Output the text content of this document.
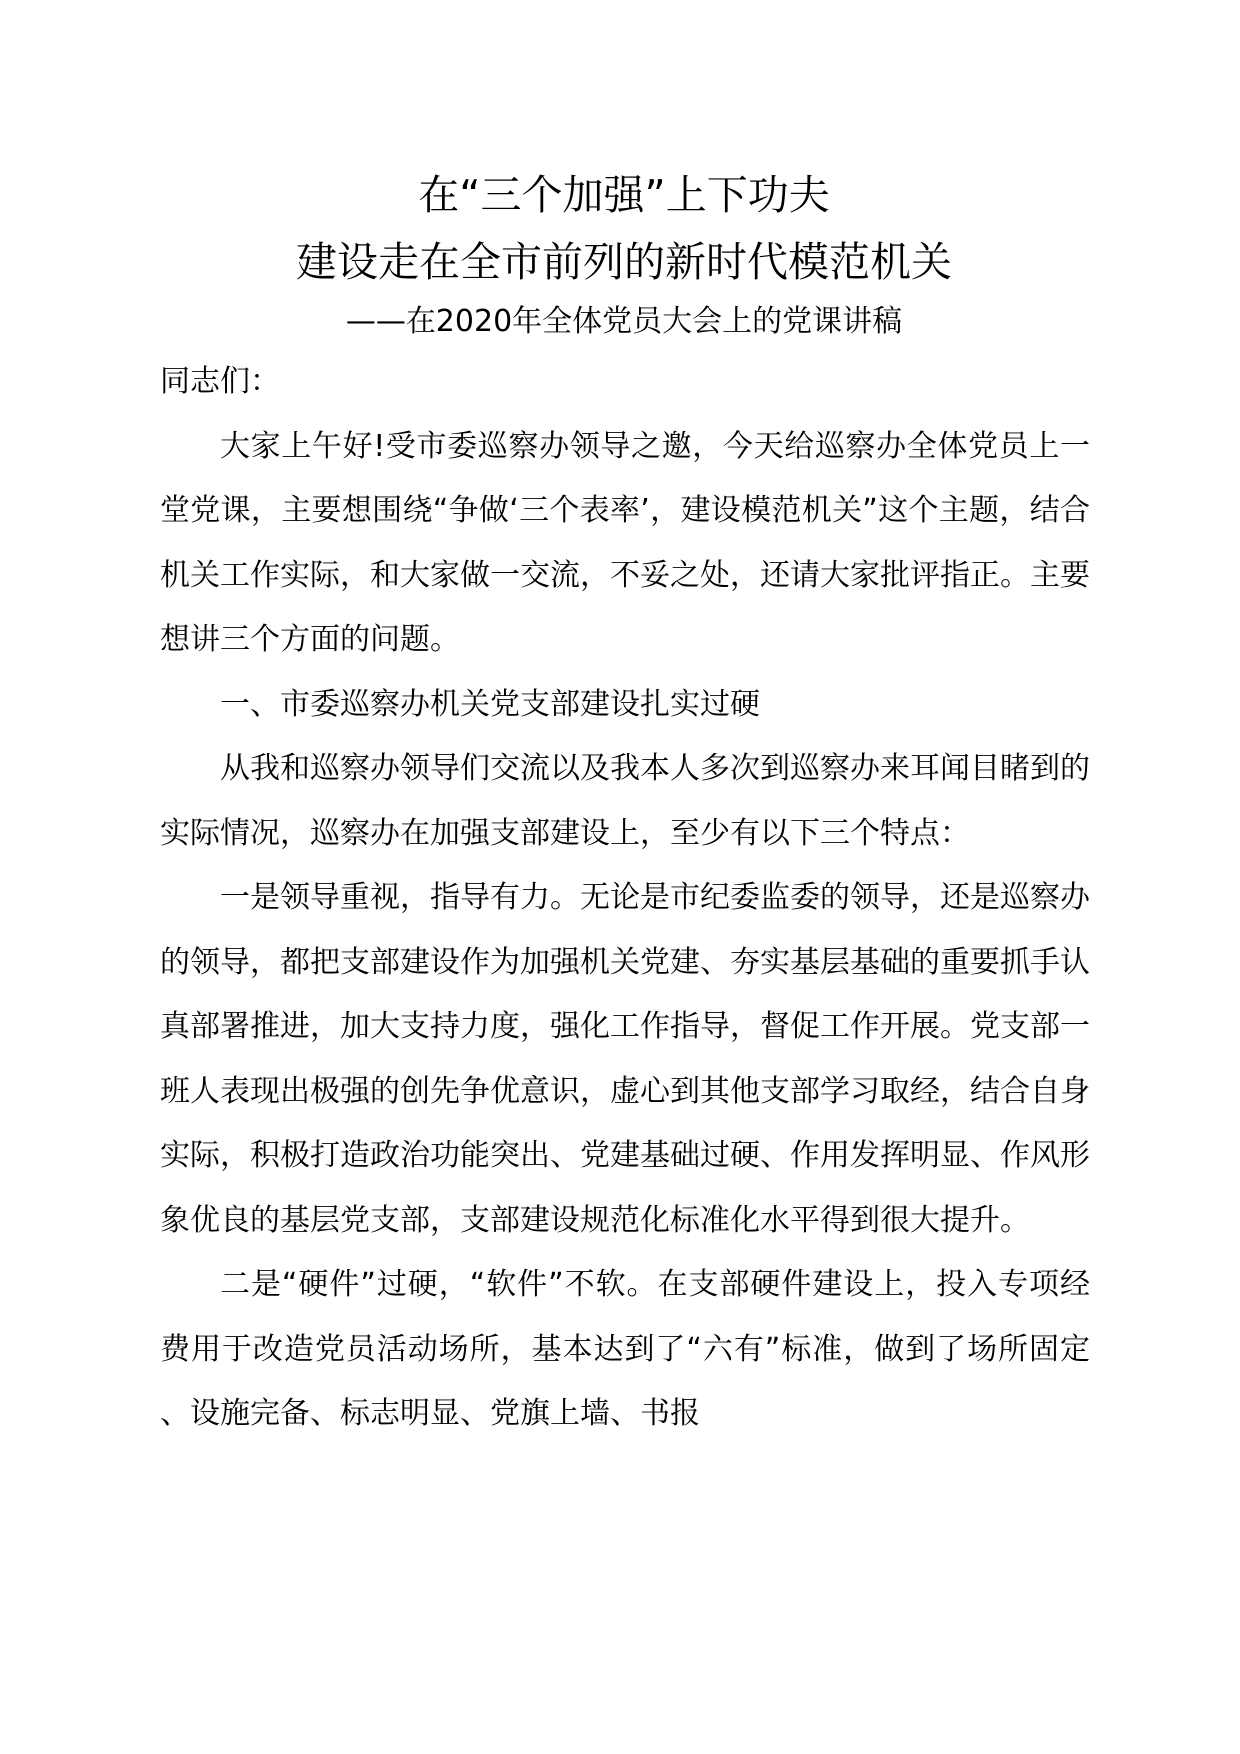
在“三个加强”上下功夫
建设走在全市前列的新时代模范机关
——在2020年全体党员大会上的党课讲稿

同志们：

大家上午好!受市委巡察办领导之邀，今天给巡察办全体党员上一堂党课，主要想围绕“争做‘三个表率’，建设模范机关”这个主题，结合机关工作实际，和大家做一交流，不妥之处，还请大家批评指正。主要想讲三个方面的问题。

一、市委巡察办机关党支部建设扎实过硬

从我和巡察办领导们交流以及我本人多次到巡察办来耳闻目睹到的实际情况，巡察办在加强支部建设上，至少有以下三个特点：

一是领导重视，指导有力。无论是市纪委监委的领导，还是巡察办的领导，都把支部建设作为加强机关党建、夯实基层基础的重要抓手认真部署推进，加大支持力度，强化工作指导，督促工作开展。党支部一班人表现出极强的创先争优意识，虚心到其他支部学习取经，结合自身实际，积极打造政治功能突出、党建基础过硬、作用发挥明显、作风形象优良的基层党支部，支部建设规范化标准化水平得到很大提升。

二是“硬件”过硬，“软件”不软。在支部硬件建设上，投入专项经费用于改造党员活动场所，基本达到了“六有”标准，做到了场所固定、设施完备、标志明显、党旗上墙、书报
